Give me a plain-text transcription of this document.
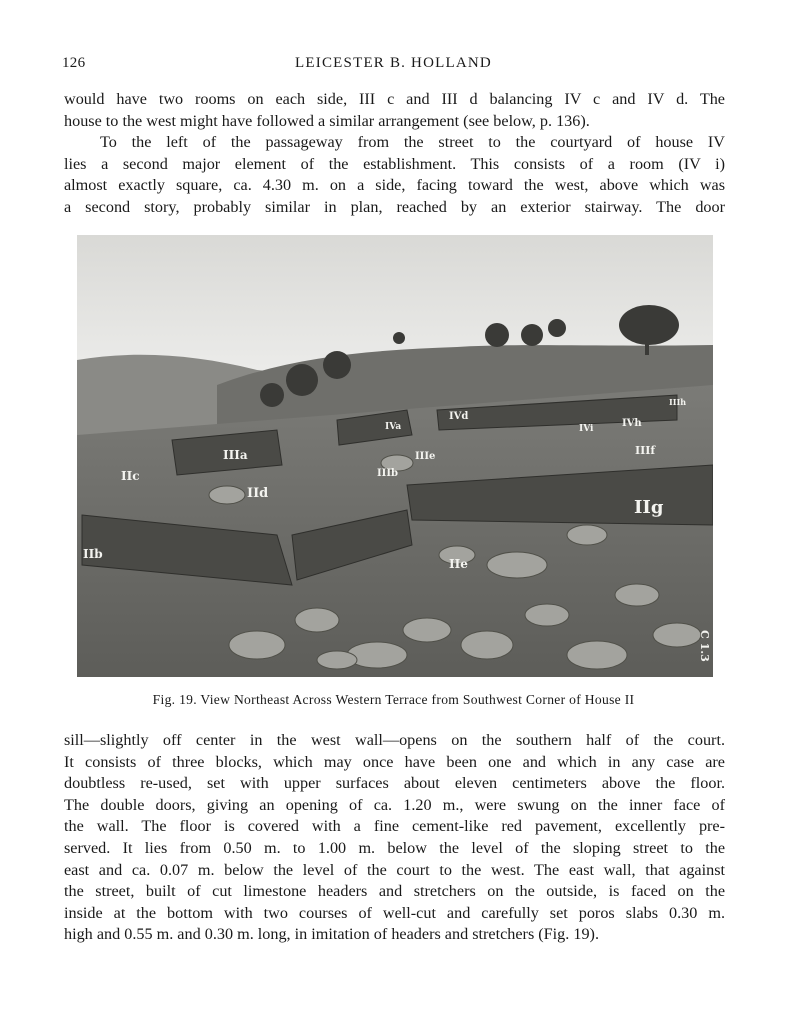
126	LEICESTER B. HOLLAND
would have two rooms on each side, III c and III d balancing IV c and IV d. The
house to the west might have followed a similar arrangement (see below, p. 136).
To the left of the passageway from the street to the courtyard of house IV
lies a second major element of the establishment. This consists of a room (IV i)
almost exactly square, ca. 4.30 m. on a side, facing toward the west, above which was
a second story, probably similar in plan, reached by an exterior stairway. The door
IIIa
IIc
IId
IIb
IIe
IIg
IIIb
IIIe
IVa
IVd
IVi	IVh
IIIf
IIIh
C 1.3
Fig. 19. View Northeast Across Western Terrace from Southwest Corner of House II
sill—slightly off center in the west wall—opens on the southern half of the court.
It consists of three blocks, which may once have been one and which in any case are
doubtless re-used, set with upper surfaces about eleven centimeters above the floor.
The double doors, giving an opening of ca. 1.20 m., were swung on the inner face of
the wall. The floor is covered with a fine cement-like red pavement, excellently pre-
served. It lies from 0.50 m. to 1.00 m. below the level of the sloping street to the
east and ca. 0.07 m. below the level of the court to the west. The east wall, that against
the street, built of cut limestone headers and stretchers on the outside, is faced on the
inside at the bottom with two courses of well-cut and carefully set poros slabs 0.30 m.
high and 0.55 m. and 0.30 m. long, in imitation of headers and stretchers (Fig. 19).
